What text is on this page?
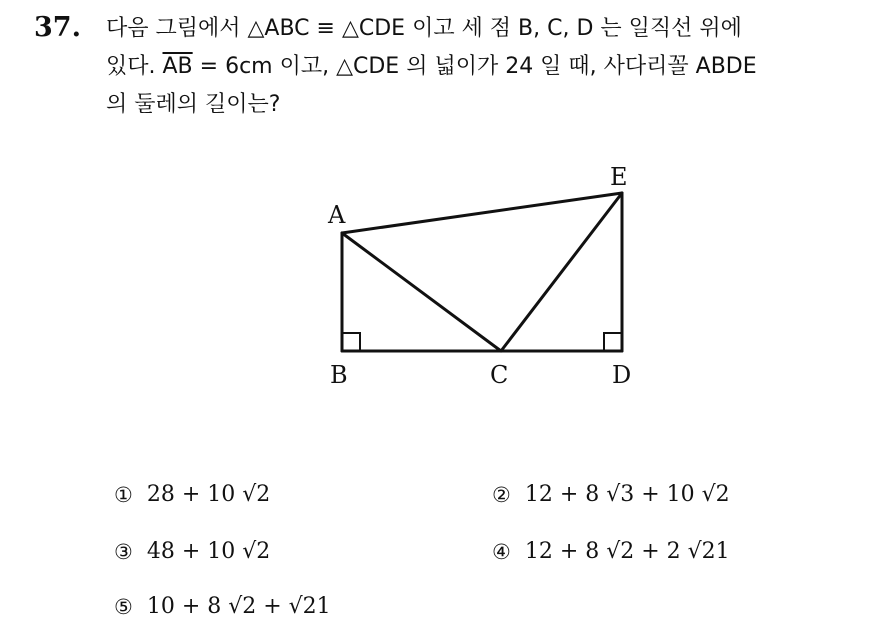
37. 다음 그림에서 △ABC ≡ △CDE 이고 세 점 B, C, D 는 일직선 위에
있다. $\overline{AB} = 6cm$ 이고, △CDE 의 넓이가 24 일 때, 사다리꼴 ABDE
의 둘레의 길이는?
A
B	C	D
E
① 28 + 10 √2	② 12 + 8 √3 + 10 √2
③ 48 + 10 √2	④ 12 + 8 √2 + 2 √21
⑤ 10 + 8 √2 + √21
